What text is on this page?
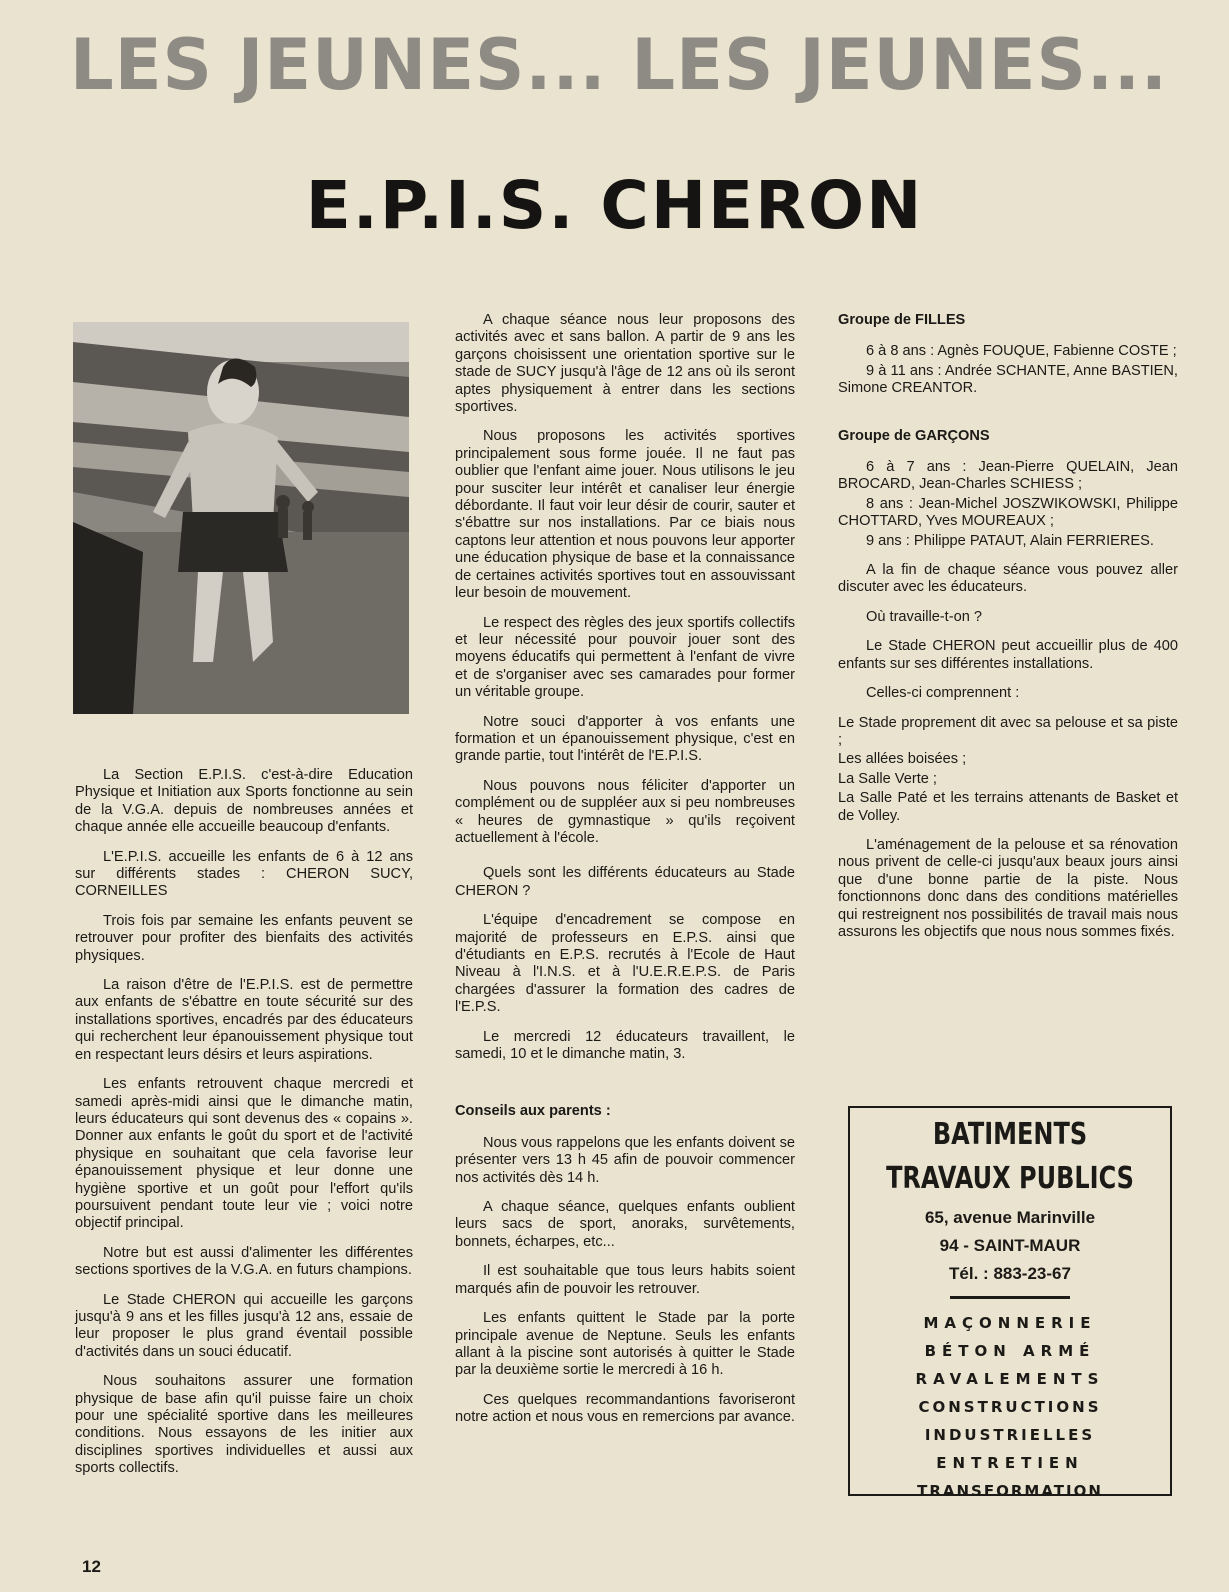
LES JEUNES... LES JEUNES...
E.P.I.S. CHERON

La Section E.P.I.S. c'est-à-dire Education Physique et Initiation aux Sports fonctionne au sein de la V.G.A. depuis de nombreuses années et chaque année elle accueille beaucoup d'enfants.

L'E.P.I.S. accueille les enfants de 6 à 12 ans sur différents stades : CHERON SUCY, CORNEILLES

Trois fois par semaine les enfants peuvent se retrouver pour profiter des bienfaits des activités physiques.

La raison d'être de l'E.P.I.S. est de permettre aux enfants de s'ébattre en toute sécurité sur des installations sportives, encadrés par des éducateurs qui recherchent leur épanouissement physique tout en respectant leurs désirs et leurs aspirations.

Les enfants retrouvent chaque mercredi et samedi après-midi ainsi que le dimanche matin, leurs éducateurs qui sont devenus des « copains ». Donner aux enfants le goût du sport et de l'activité physique en souhaitant que cela favorise leur épanouissement physique et leur donne une hygiène sportive et un goût pour l'effort qu'ils poursuivent pendant toute leur vie ; voici notre objectif principal.

Notre but est aussi d'alimenter les différentes sections sportives de la V.G.A. en futurs champions.

Le Stade CHERON qui accueille les garçons jusqu'à 9 ans et les filles jusqu'à 12 ans, essaie de leur proposer le plus grand éventail possible d'activités dans un souci éducatif.

Nous souhaitons assurer une formation physique de base afin qu'il puisse faire un choix pour une spécialité sportive dans les meilleures conditions. Nous essayons de les initier aux disciplines sportives individuelles et aussi aux sports collectifs.

A chaque séance nous leur proposons des activités avec et sans ballon. A partir de 9 ans les garçons choisissent une orientation sportive sur le stade de SUCY jusqu'à l'âge de 12 ans où ils seront aptes physiquement à entrer dans les sections sportives.

Nous proposons les activités sportives principalement sous forme jouée. Il ne faut pas oublier que l'enfant aime jouer. Nous utilisons le jeu pour susciter leur intérêt et canaliser leur énergie débordante. Il faut voir leur désir de courir, sauter et s'ébattre sur nos installations. Par ce biais nous captons leur attention et nous pouvons leur apporter une éducation physique de base et la connaissance de certaines activités sportives tout en assouvissant leur besoin de mouvement.

Le respect des règles des jeux sportifs collectifs et leur nécessité pour pouvoir jouer sont des moyens éducatifs qui permettent à l'enfant de vivre et de s'organiser avec ses camarades pour former un véritable groupe.

Notre souci d'apporter à vos enfants une formation et un épanouissement physique, c'est en grande partie, tout l'intérêt de l'E.P.I.S.

Nous pouvons nous féliciter d'apporter un complément ou de suppléer aux si peu nombreuses « heures de gymnastique » qu'ils reçoivent actuellement à l'école.

Quels sont les différents éducateurs au Stade CHERON ?

L'équipe d'encadrement se compose en majorité de professeurs en E.P.S. ainsi que d'étudiants en E.P.S. recrutés à l'Ecole de Haut Niveau à l'I.N.S. et à l'U.E.R.E.P.S. de Paris chargées d'assurer la formation des cadres de l'E.P.S.

Le mercredi 12 éducateurs travaillent, le samedi, 10 et le dimanche matin, 3.

Conseils aux parents :

Nous vous rappelons que les enfants doivent se présenter vers 13 h 45 afin de pouvoir commencer nos activités dès 14 h.

A chaque séance, quelques enfants oublient leurs sacs de sport, anoraks, survêtements, bonnets, écharpes, etc...

Il est souhaitable que tous leurs habits soient marqués afin de pouvoir les retrouver.

Les enfants quittent le Stade par la porte principale avenue de Neptune. Seuls les enfants allant à la piscine sont autorisés à quitter le Stade par la deuxième sortie le mercredi à 16 h.

Ces quelques recommandantions favoriseront notre action et nous vous en remercions par avance.

Groupe de FILLES

6 à 8 ans : Agnès FOUQUE, Fabienne COSTE ;

9 à 11 ans : Andrée SCHANTE, Anne BASTIEN, Simone CREANTOR.

Groupe de GARÇONS

6 à 7 ans : Jean-Pierre QUELAIN, Jean BROCARD, Jean-Charles SCHIESS ;

8 ans : Jean-Michel JOSZWIKOWSKI, Philippe CHOTTARD, Yves MOUREAUX ;

9 ans : Philippe PATAUT, Alain FERRIERES.

A la fin de chaque séance vous pouvez aller discuter avec les éducateurs.

Où travaille-t-on ?

Le Stade CHERON peut accueillir plus de 400 enfants sur ses différentes installations.

Celles-ci comprennent :

Le Stade proprement dit avec sa pelouse et sa piste ;

Les allées boisées ;

La Salle Verte ;

La Salle Paté et les terrains attenants de Basket et de Volley.

L'aménagement de la pelouse et sa rénovation nous privent de celle-ci jusqu'aux beaux jours ainsi que d'une bonne partie de la piste. Nous fonctionnons donc dans des conditions matérielles qui restreignent nos possibilités de travail mais nous assurons les objectifs que nous nous sommes fixés.

BATIMENTS
TRAVAUX PUBLICS
65, avenue Marinville
94 - SAINT-MAUR
Tél. : 883-23-67
MAÇONNERIE
BÉTON ARMÉ
RAVALEMENTS
CONSTRUCTIONS
INDUSTRIELLES
ENTRETIEN
TRANSFORMATION
12
